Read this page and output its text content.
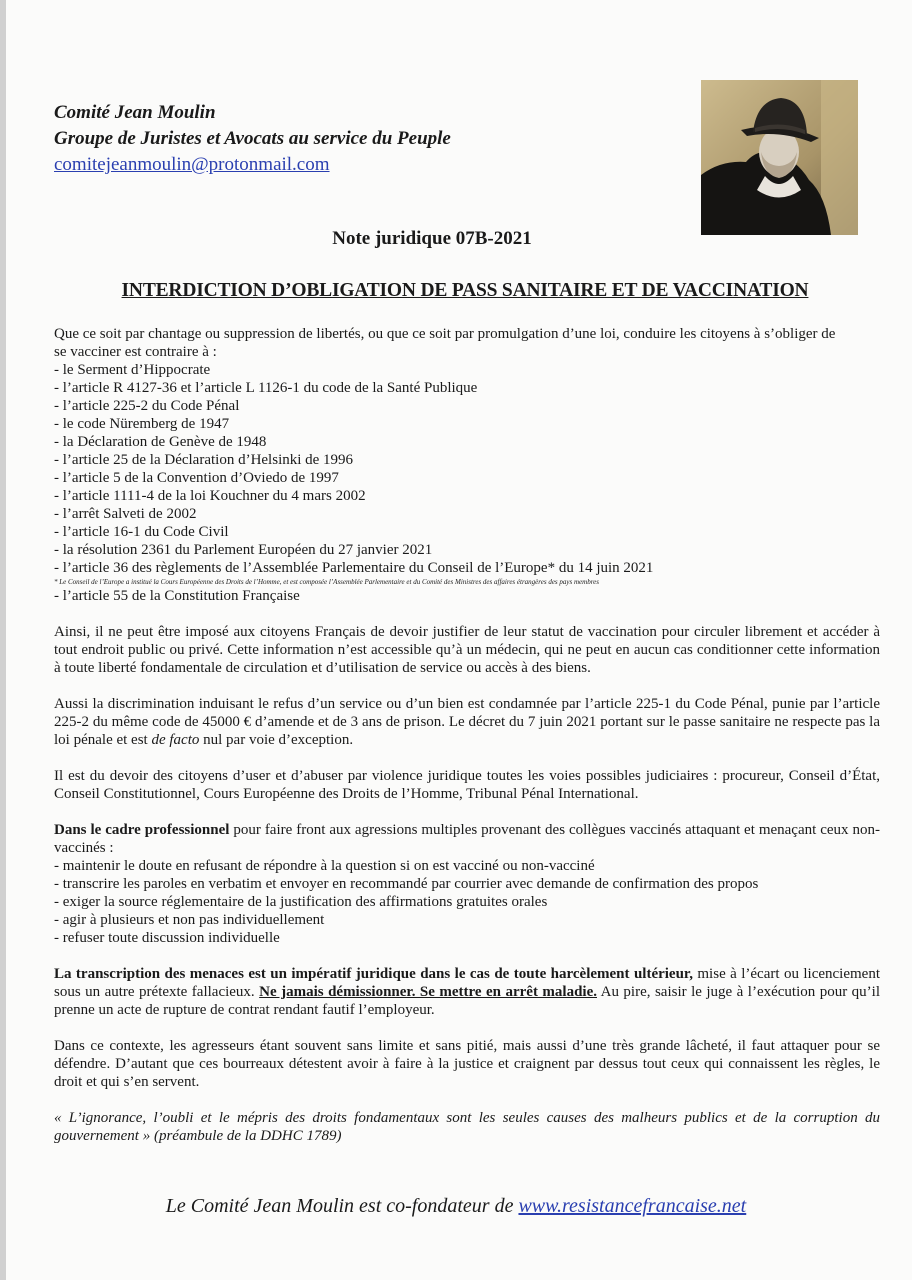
Comité Jean Moulin
Groupe de Juristes et Avocats au service du Peuple
comitejeanmoulin@protonmail.com
Note juridique 07B-2021
INTERDICTION D’OBLIGATION DE PASS SANITAIRE ET DE VACCINATION
Que ce soit par chantage ou suppression de libertés, ou que ce soit par promulgation d’une loi, conduire les citoyens à s’obliger de
se vacciner est contraire à :
- le Serment d’Hippocrate
- l’article R 4127-36 et l’article L 1126-1 du code de la Santé Publique
- l’article 225-2 du Code Pénal
- le code Nüremberg de 1947
- la Déclaration de Genève de 1948
- l’article 25 de la Déclaration d’Helsinki de 1996
- l’article 5 de la Convention d’Oviedo de 1997
- l’article 1111-4 de la loi Kouchner du 4 mars 2002
- l’arrêt Salveti de 2002
- l’article 16-1 du Code Civil
- la résolution 2361 du Parlement Européen du 27 janvier 2021
- l’article 36 des règlements de l’Assemblée Parlementaire du Conseil de l’Europe* du 14 juin 2021
* Le Conseil de l’Europe a institué la Cours Européenne des Droits de l’Homme, et est composée l’Assemblée Parlementaire et du Comité des Ministres des affaires étrangères des pays membres
- l’article 55 de la Constitution Française

Ainsi, il ne peut être imposé aux citoyens Français de devoir justifier de leur statut de vaccination pour circuler librement et accéder à tout endroit public ou privé. Cette information n’est accessible qu’à un médecin, qui ne peut en aucun cas conditionner cette information à toute liberté fondamentale de circulation et d’utilisation de service ou accès à des biens.

Aussi la discrimination induisant le refus d’un service ou d’un bien est condamnée par l’article 225-1 du Code Pénal, punie par l’article 225-2 du même code de 45000 € d’amende et de 3 ans de prison. Le décret du 7 juin 2021 portant sur le passe sanitaire ne respecte pas la loi pénale et est de facto nul par voie d’exception.

Il est du devoir des citoyens d’user et d’abuser par violence juridique toutes les voies possibles judiciaires : procureur, Conseil d’État, Conseil Constitutionnel, Cours Européenne des Droits de l’Homme, Tribunal Pénal International.

Dans le cadre professionnel pour faire front aux agressions multiples provenant des collègues vaccinés attaquant et menaçant ceux non-vaccinés :

- maintenir le doute en refusant de répondre à la question si on est vacciné ou non-vacciné
- transcrire les paroles en verbatim et envoyer en recommandé par courrier avec demande de confirmation des propos
- exiger la source réglementaire de la justification des affirmations gratuites orales
- agir à plusieurs et non pas individuellement
- refuser toute discussion individuelle

La transcription des menaces est un impératif juridique dans le cas de toute harcèlement ultérieur, mise à l’écart ou licenciement sous un autre prétexte fallacieux. Ne jamais démissionner. Se mettre en arrêt maladie. Au pire, saisir le juge à l’exécution pour qu’il prenne un acte de rupture de contrat rendant fautif l’employeur.

Dans ce contexte, les agresseurs étant souvent sans limite et sans pitié, mais aussi d’une très grande lâcheté, il faut attaquer pour se défendre. D’autant que ces bourreaux détestent avoir à faire à la justice et craignent par dessus tout ceux qui connaissent les règles, le droit et qui s’en servent.

« L’ignorance, l’oubli et le mépris des droits fondamentaux sont les seules causes des malheurs publics et de la corruption du gouvernement » (préambule de la DDHC 1789)

Le Comité Jean Moulin est co-fondateur de www.resistancefrancaise.net
